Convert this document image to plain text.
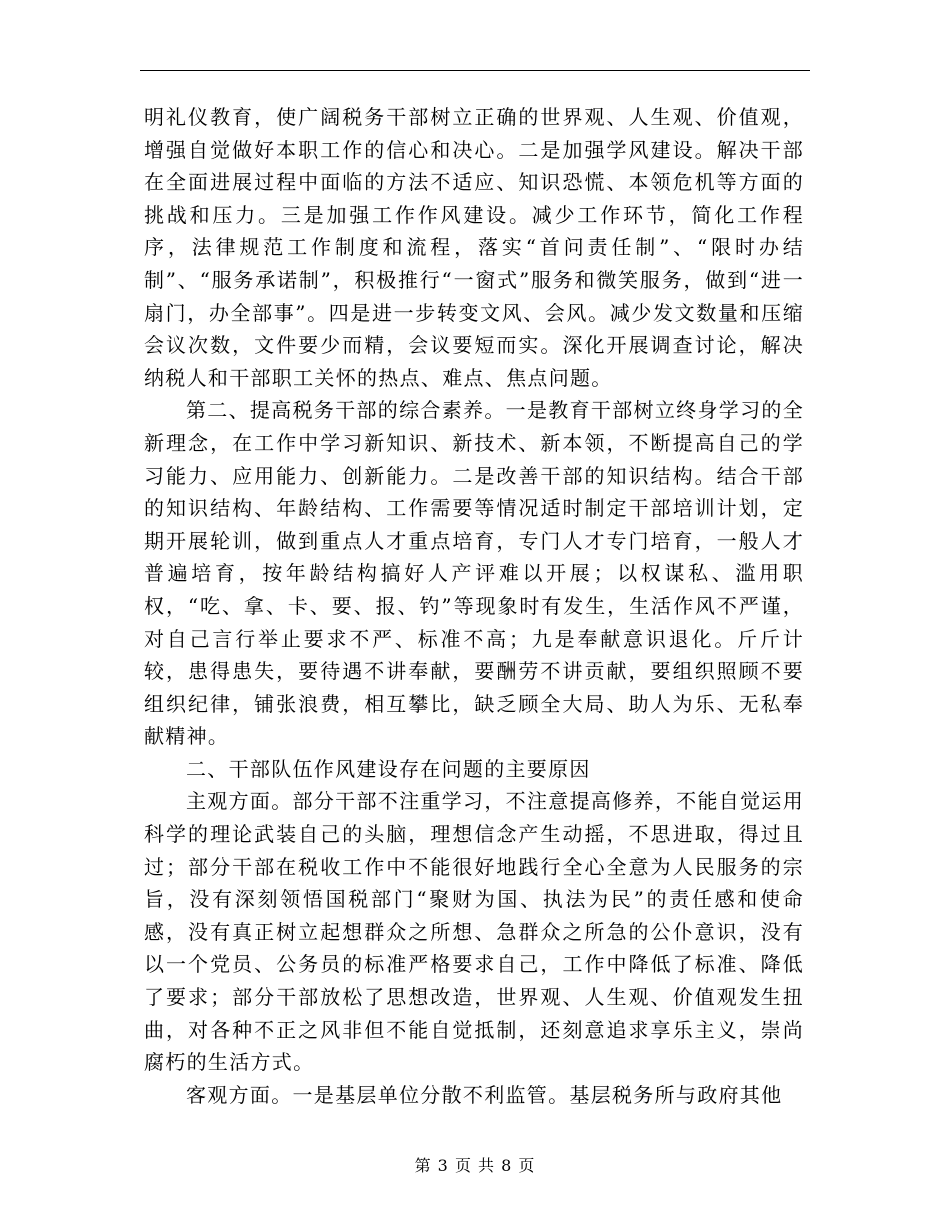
明礼仪教育，使广阔税务干部树立正确的世界观、人生观、价值观，增强自觉做好本职工作的信心和决心。二是加强学风建设。解决干部在全面进展过程中面临的方法不适应、知识恐慌、本领危机等方面的挑战和压力。三是加强工作作风建设。减少工作环节，简化工作程序，法律规范工作制度和流程，落实“首问责任制”、“限时办结制”、“服务承诺制”，积极推行“一窗式”服务和微笑服务，做到“进一扇门，办全部事”。四是进一步转变文风、会风。减少发文数量和压缩会议次数，文件要少而精，会议要短而实。深化开展调查讨论，解决纳税人和干部职工关怀的热点、难点、焦点问题。

第二、提高税务干部的综合素养。一是教育干部树立终身学习的全新理念，在工作中学习新知识、新技术、新本领，不断提高自己的学习能力、应用能力、创新能力。二是改善干部的知识结构。结合干部的知识结构、年龄结构、工作需要等情况适时制定干部培训计划，定期开展轮训，做到重点人才重点培育，专门人才专门培育，一般人才普遍培育，按年龄结构搞好人产评难以开展；以权谋私、滥用职权，“吃、拿、卡、要、报、钓”等现象时有发生，生活作风不严谨，对自己言行举止要求不严、标准不高；九是奉献意识退化。斤斤计较，患得患失，要待遇不讲奉献，要酬劳不讲贡献，要组织照顾不要组织纪律，铺张浪费，相互攀比，缺乏顾全大局、助人为乐、无私奉献精神。

二、干部队伍作风建设存在问题的主要原因

主观方面。部分干部不注重学习，不注意提高修养，不能自觉运用科学的理论武装自己的头脑，理想信念产生动摇，不思进取，得过且过；部分干部在税收工作中不能很好地践行全心全意为人民服务的宗旨，没有深刻领悟国税部门“聚财为国、执法为民”的责任感和使命感，没有真正树立起想群众之所想、急群众之所急的公仆意识，没有以一个党员、公务员的标准严格要求自己，工作中降低了标准、降低了要求；部分干部放松了思想改造，世界观、人生观、价值观发生扭曲，对各种不正之风非但不能自觉抵制，还刻意追求享乐主义，崇尚腐朽的生活方式。

客观方面。一是基层单位分散不利监管。基层税务所与政府其他

第 3 页 共 8 页
